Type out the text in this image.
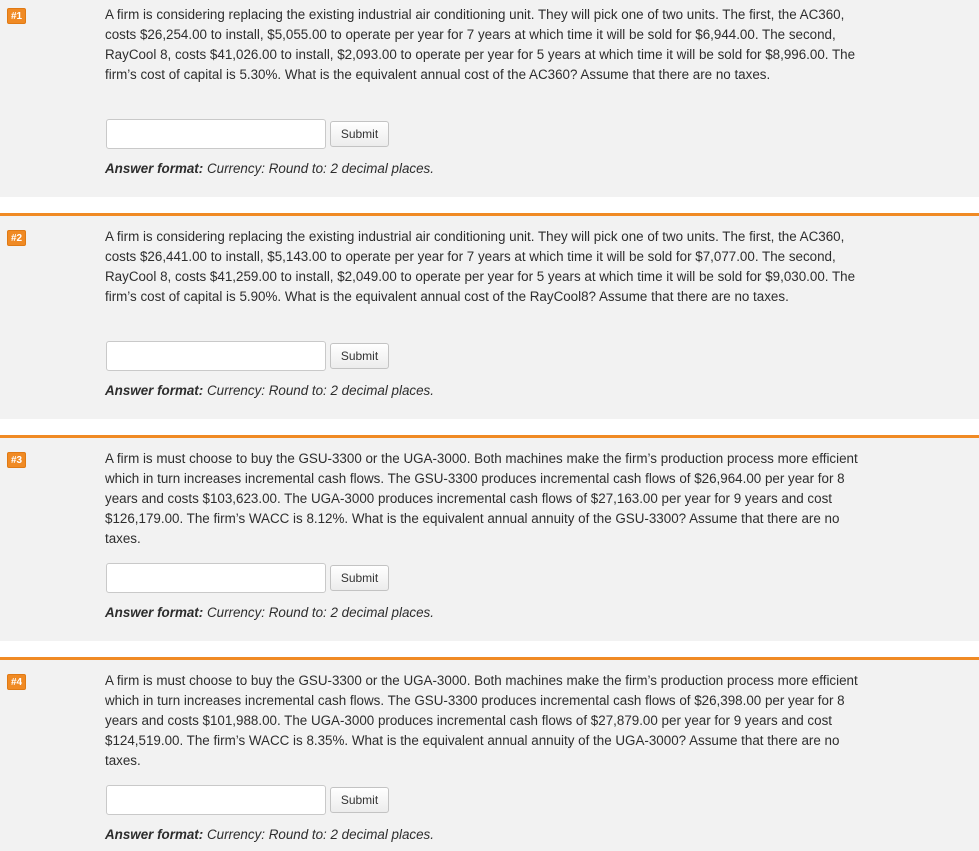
#1	A firm is considering replacing the existing industrial air conditioning unit. They will pick one of two units. The first, the AC360, costs $26,254.00 to install, $5,055.00 to operate per year for 7 years at which time it will be sold for $6,944.00. The second, RayCool 8, costs $41,026.00 to install, $2,093.00 to operate per year for 5 years at which time it will be sold for $8,996.00. The firm’s cost of capital is 5.30%. What is the equivalent annual cost of the AC360? Assume that there are no taxes.

Submit

Answer format: Currency: Round to: 2 decimal places.

#2	A firm is considering replacing the existing industrial air conditioning unit. They will pick one of two units. The first, the AC360, costs $26,441.00 to install, $5,143.00 to operate per year for 7 years at which time it will be sold for $7,077.00. The second, RayCool 8, costs $41,259.00 to install, $2,049.00 to operate per year for 5 years at which time it will be sold for $9,030.00. The firm’s cost of capital is 5.90%. What is the equivalent annual cost of the RayCool8? Assume that there are no taxes.

Submit

Answer format: Currency: Round to: 2 decimal places.

#3	A firm is must choose to buy the GSU-3300 or the UGA-3000. Both machines make the firm’s production process more efficient which in turn increases incremental cash flows. The GSU-3300 produces incremental cash flows of $26,964.00 per year for 8 years and costs $103,623.00. The UGA-3000 produces incremental cash flows of $27,163.00 per year for 9 years and cost $126,179.00. The firm’s WACC is 8.12%. What is the equivalent annual annuity of the GSU-3300? Assume that there are no taxes.

Submit

Answer format: Currency: Round to: 2 decimal places.

#4	A firm is must choose to buy the GSU-3300 or the UGA-3000. Both machines make the firm’s production process more efficient which in turn increases incremental cash flows. The GSU-3300 produces incremental cash flows of $26,398.00 per year for 8 years and costs $101,988.00. The UGA-3000 produces incremental cash flows of $27,879.00 per year for 9 years and cost $124,519.00. The firm’s WACC is 8.35%. What is the equivalent annual annuity of the UGA-3000? Assume that there are no taxes.

Submit

Answer format: Currency: Round to: 2 decimal places.
